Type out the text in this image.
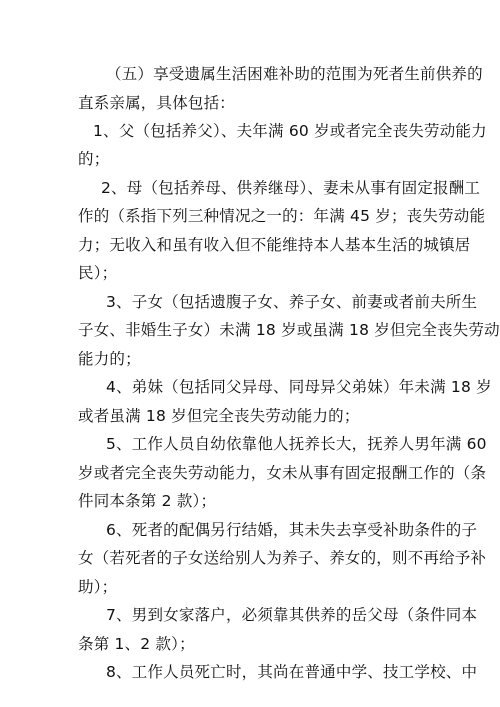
（五）享受遗属生活困难补助的范围为死者生前供养的
直系亲属，具体包括：
1、父（包括养父）、夫年满 60 岁或者完全丧失劳动能力
的；
2、母（包括养母、供养继母）、妻未从事有固定报酬工
作的（系指下列三种情况之一的：年满 45 岁；丧失劳动能
力；无收入和虽有收入但不能维持本人基本生活的城镇居
民）；
3、子女（包括遗腹子女、养子女、前妻或者前夫所生
子女、非婚生子女）未满 18 岁或虽满 18 岁但完全丧失劳动
能力的；
4、弟妹（包括同父异母、同母异父弟妹）年未满 18 岁
或者虽满 18 岁但完全丧失劳动能力的；
5、工作人员自幼依靠他人抚养长大，抚养人男年满 60
岁或者完全丧失劳动能力，女未从事有固定报酬工作的（条
件同本条第 2 款）；
6、死者的配偶另行结婚，其未失去享受补助条件的子
女（若死者的子女送给别人为养子、养女的，则不再给予补
助）；
7、男到女家落户，必须靠其供养的岳父母（条件同本
条第 1、2 款）；
8、工作人员死亡时，其尚在普通中学、技工学校、中
